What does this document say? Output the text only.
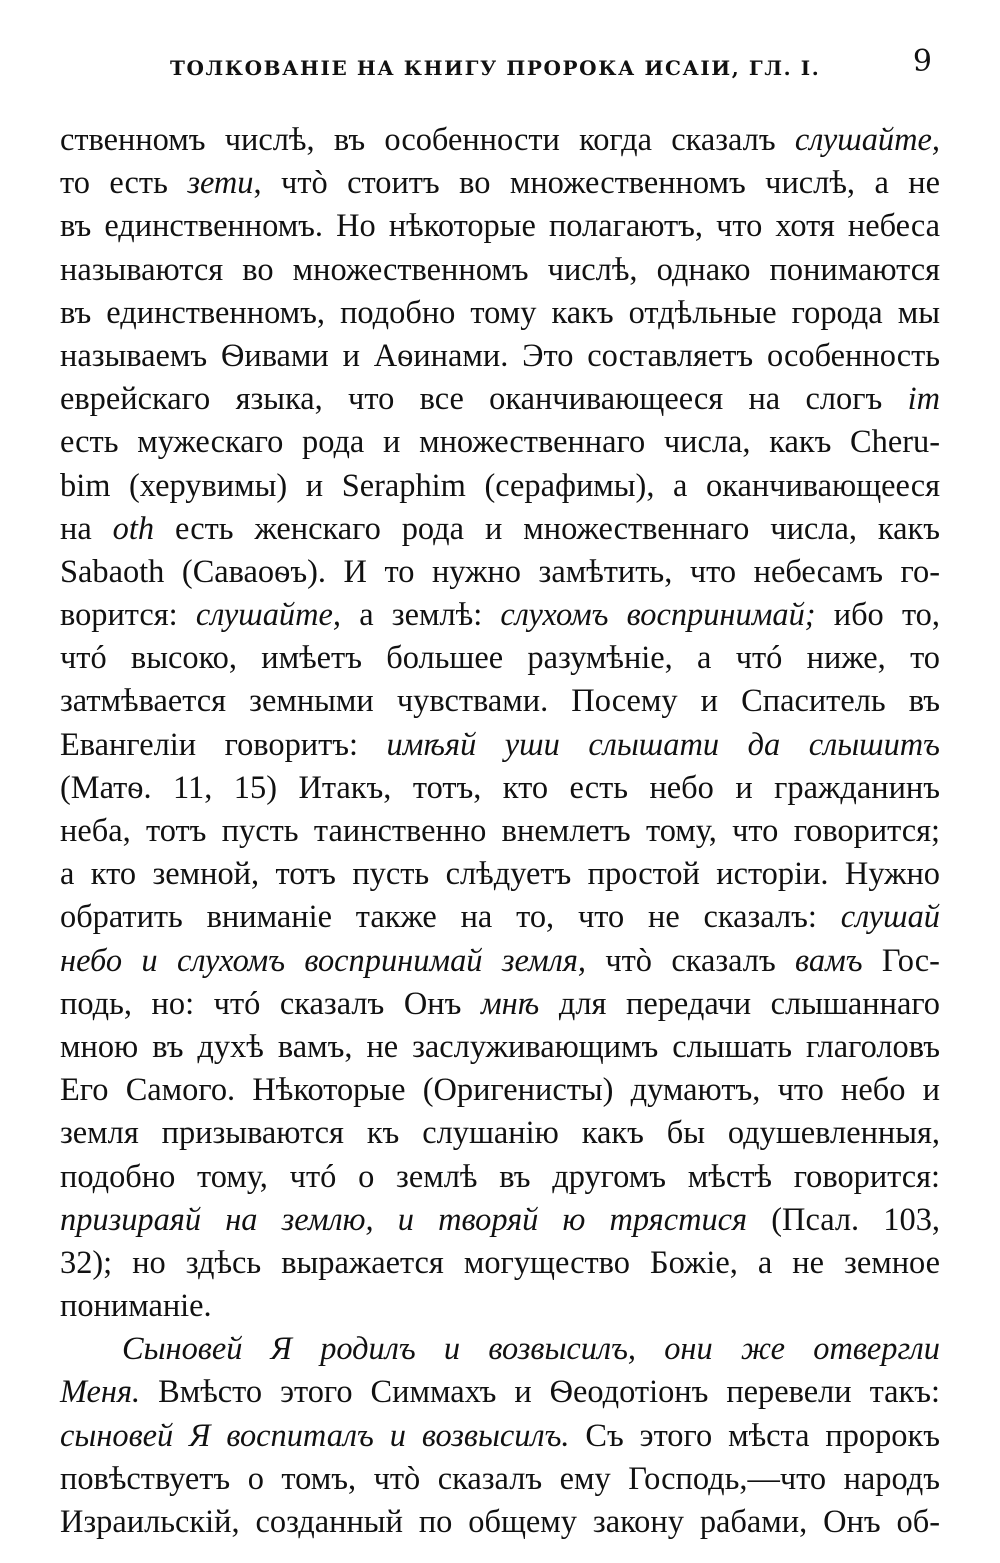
ТОЛКОВАНІЕ НА КНИГУ ПРОРОКА ИСАІИ, ГЛ. I.	9
ственномъ числѣ, въ особенности когда сказалъ слушайте,
то есть зети, чтò стоитъ во множественномъ числѣ, а не
въ единственномъ. Но нѣкоторые полагаютъ, что хотя небеса
называются во множественномъ числѣ, однако понимаются
въ единственномъ, подобно тому какъ отдѣльные города мы
называемъ Ѳивами и Аѳинами. Это составляетъ особенность
еврейскаго языка, что все оканчивающееся на слогъ im
есть мужескаго рода и множественнаго числа, какъ Cheru-
bim (херувимы) и Seraphim (серафимы), а оканчивающееся
на oth есть женскаго рода и множественнаго числа, какъ
Sabaoth (Саваоѳъ). И то нужно замѣтить, что небесамъ го-
ворится: слушайте, а землѣ: слухомъ воспринимай; ибо то,
чтó высоко, имѣетъ большее разумѣніе, а чтó ниже, то
затмѣвается земными чувствами. Посему и Спаситель въ
Евангеліи говоритъ: имѣяй уши слышати да слышитъ
(Матѳ. 11, 15) Итакъ, тотъ, кто есть небо и гражданинъ
неба, тотъ пусть таинственно внемлетъ тому, что говорится;
а кто земной, тотъ пусть слѣдуетъ простой исторіи. Нужно
обратить вниманіе также на то, что не сказалъ: слушай
небо и слухомъ воспринимай земля, чтò сказалъ вамъ Гос-
подь, но: чтó сказалъ Онъ мнѣ для передачи слышаннаго
мною въ духѣ вамъ, не заслуживающимъ слышать глаголовъ
Его Самого. Нѣкоторые (Оригенисты) думаютъ, что небо и
земля призываются къ слушанію какъ бы одушевленныя,
подобно тому, чтó о землѣ въ другомъ мѣстѣ говорится:
призираяй на землю, и творяй ю трястися (Псал. 103,
32); но здѣсь выражается могущество Божіе, а не земное
пониманіе.
Сыновей Я родилъ и возвысилъ, они же отвергли
Меня. Вмѣсто этого Симмахъ и Ѳеодотіонъ перевели такъ:
сыновей Я воспиталъ и возвысилъ. Съ этого мѣста пророкъ
повѣствуетъ о томъ, чтò сказалъ ему Господь,—что народъ
Израильскій, созданный по общему закону рабами, Онъ об-
